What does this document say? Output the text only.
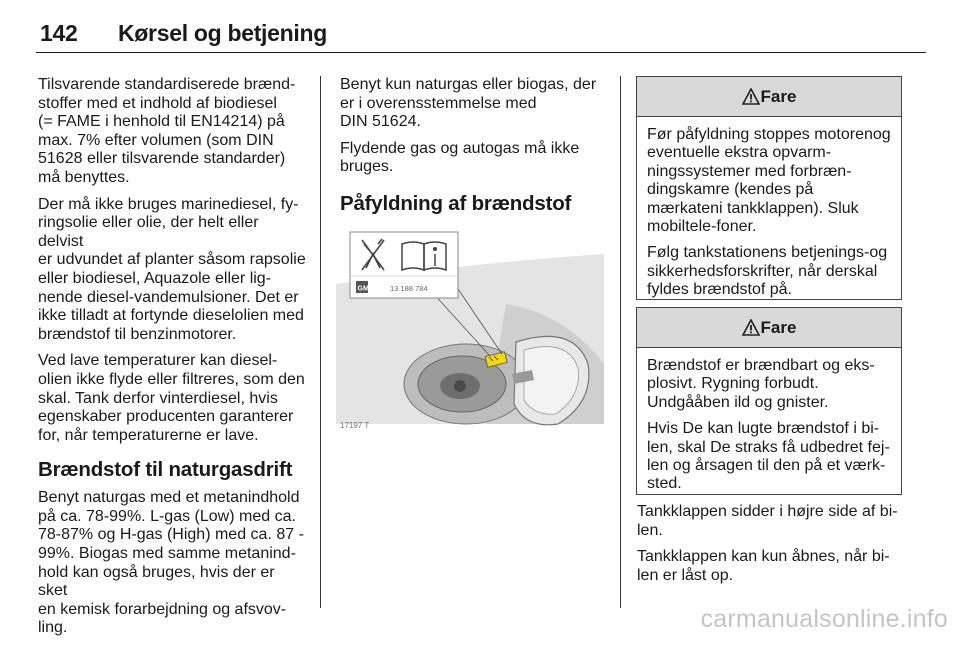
142 Kørsel og betjening

Tilsvarende standardiserede brænd-
stoffer med et indhold af biodiesel
(= FAME i henhold til EN14214) på
max. 7% efter volumen (som DIN
51628 eller tilsvarende standarder)
må benyttes.

Der må ikke bruges marinediesel, fy-
ringsolie eller olie, der helt eller delvist
er udvundet af planter såsom rapsolie
eller biodiesel, Aquazole eller lig-
nende diesel-vandemulsioner. Det er
ikke tilladt at fortynde dieselolien med
brændstof til benzinmotorer.

Ved lave temperaturer kan diesel-
olien ikke flyde eller filtreres, som den
skal. Tank derfor vinterdiesel, hvis
egenskaber producenten garanterer
for, når temperaturerne er lave.

Brændstof til naturgasdrift

Benyt naturgas med et metanindhold
på ca. 78-99%. L-gas (Low) med ca.
78-87% og H-gas (High) med ca. 87 -
99%. Biogas med samme metanind-
hold kan også bruges, hvis der er sket
en kemisk forarbejdning og afsvov-
ling.

Benyt kun naturgas eller biogas, der
er i overensstemmelse med
DIN 51624.

Flydende gas og autogas må ikke
bruges.

Påfyldning af brændstof
GM	13 188 784
17197 T
Fare

Før påfyldning stoppes motorenog eventuelle ekstra opvarm-ningssystemer med forbræn-dingskamre (kendes på mærkateni tankklappen). Sluk mobiltele-foner.

Følg tankstationens betjenings-og sikkerhedsforskrifter, når derskal fyldes brændstof på.

Fare

Brændstof er brændbart og eks-plosivt. Rygning forbudt. Undgååben ild og gnister.

Hvis De kan lugte brændstof i bi-len, skal De straks få udbedret fej-len og årsagen til den på et værk-sted.

Tankklappen sidder i højre side af bi-
len.

Tankklappen kan kun åbnes, når bi-
len er låst op.

carmanualsonline.info
